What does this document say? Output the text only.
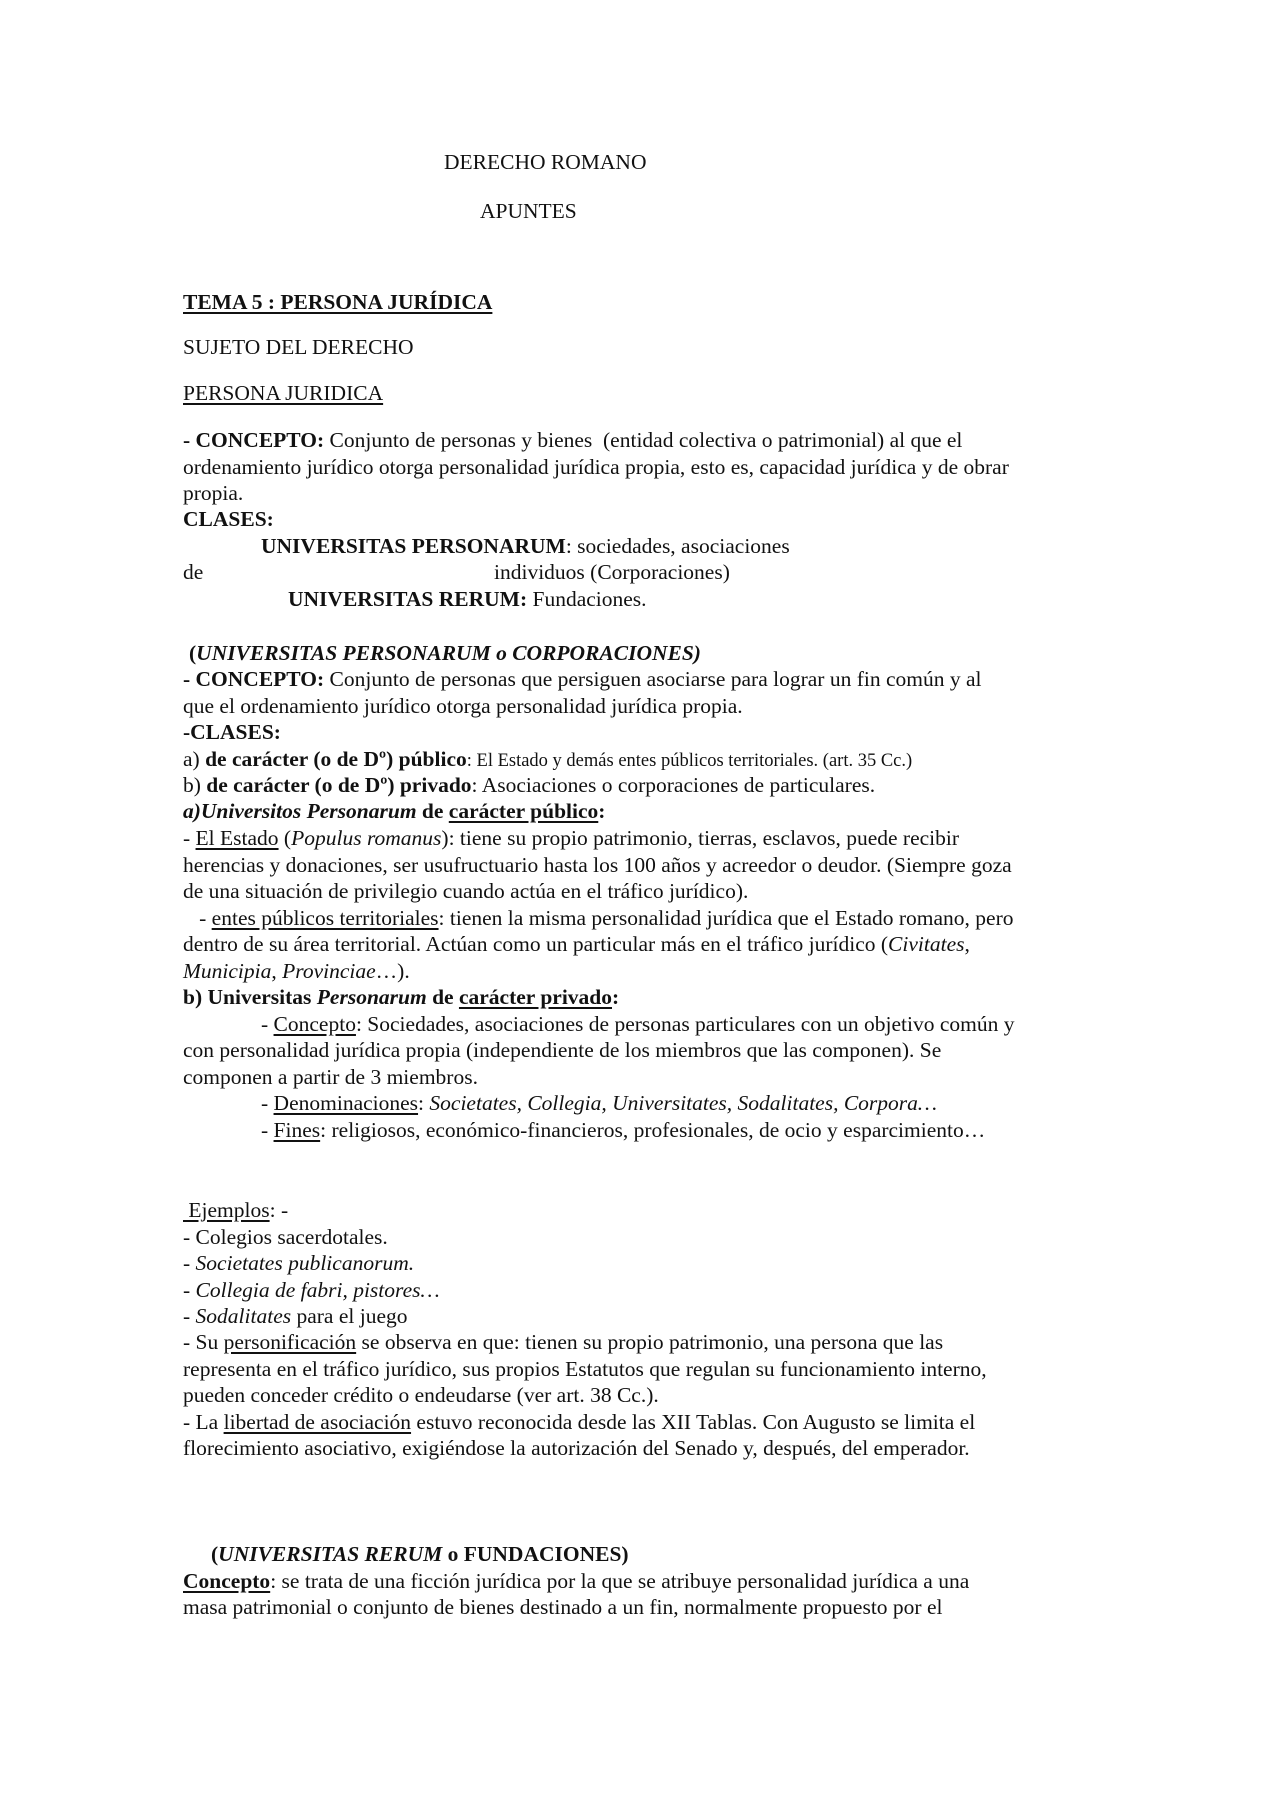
DERECHO ROMANO
APUNTES
TEMA 5 : PERSONA JURÍDICA
SUJETO DEL DERECHO
PERSONA JURIDICA
- CONCEPTO: Conjunto de personas y bienes  (entidad colectiva o patrimonial) al que el
ordenamiento jurídico otorga personalidad jurídica propia, esto es, capacidad jurídica y de obrar
propia.
CLASES:
UNIVERSITAS PERSONARUM: sociedades, asociaciones
de	individuos (Corporaciones)
UNIVERSITAS RERUM: Fundaciones.
(UNIVERSITAS PERSONARUM o CORPORACIONES)
- CONCEPTO: Conjunto de personas que persiguen asociarse para lograr un fin común y al
que el ordenamiento jurídico otorga personalidad jurídica propia.
-CLASES:
a) de carácter (o de Dº) público: El Estado y demás entes públicos territoriales. (art. 35 Cc.)
b) de carácter (o de Dº) privado: Asociaciones o corporaciones de particulares.
a)Universitos Personarum de carácter público:
- El Estado (Populus romanus): tiene su propio patrimonio, tierras, esclavos, puede recibir
herencias y donaciones, ser usufructuario hasta los 100 años y acreedor o deudor. (Siempre goza
de una situación de privilegio cuando actúa en el tráfico jurídico).
- entes públicos territoriales: tienen la misma personalidad jurídica que el Estado romano, pero
dentro de su área territorial. Actúan como un particular más en el tráfico jurídico (Civitates,
Municipia, Provinciae…).
b) Universitas Personarum de carácter privado:
- Concepto: Sociedades, asociaciones de personas particulares con un objetivo común y
con personalidad jurídica propia (independiente de los miembros que las componen). Se
componen a partir de 3 miembros.
- Denominaciones: Societates, Collegia, Universitates, Sodalitates, Corpora…
- Fines: religiosos, económico-financieros, profesionales, de ocio y esparcimiento…
Ejemplos: -
- Colegios sacerdotales.
- Societates publicanorum.
- Collegia de fabri, pistores…
- Sodalitates para el juego
- Su personificación se observa en que: tienen su propio patrimonio, una persona que las
representa en el tráfico jurídico, sus propios Estatutos que regulan su funcionamiento interno,
pueden conceder crédito o endeudarse (ver art. 38 Cc.).
- La libertad de asociación estuvo reconocida desde las XII Tablas. Con Augusto se limita el
florecimiento asociativo, exigiéndose la autorización del Senado y, después, del emperador.
(UNIVERSITAS RERUM o FUNDACIONES)
Concepto: se trata de una ficción jurídica por la que se atribuye personalidad jurídica a una
masa patrimonial o conjunto de bienes destinado a un fin, normalmente propuesto por el
